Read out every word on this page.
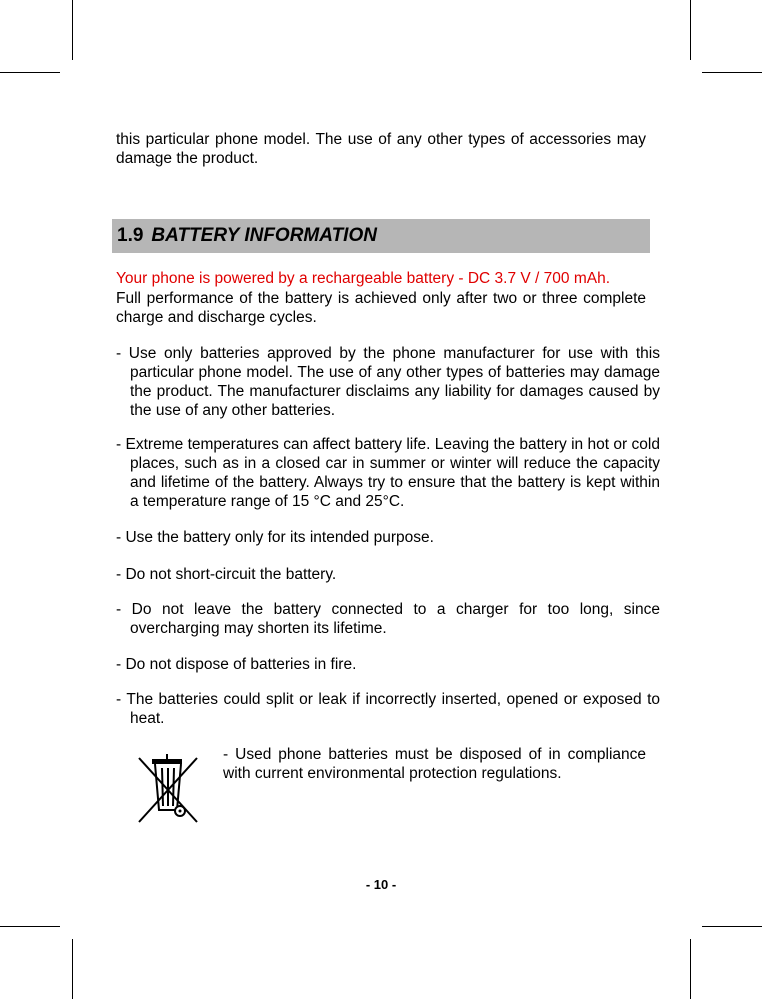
this particular phone model. The use of any other types of accessories may damage the product.

1.9 BATTERY INFORMATION

Your phone is powered by a rechargeable battery - DC 3.7 V / 700 mAh.

Full performance of the battery is achieved only after two or three complete charge and discharge cycles.

- Use only batteries approved by the phone manufacturer for use with this particular phone model. The use of any other types of batteries may damage the product. The manufacturer disclaims any liability for damages caused by the use of any other batteries.

- Extreme temperatures can affect battery life. Leaving the battery in hot or cold places, such as in a closed car in summer or winter will reduce the capacity and lifetime of the battery. Always try to ensure that the battery is kept within a temperature range of 15 °C and 25°C.

- Use the battery only for its intended purpose.

- Do not short-circuit the battery.

- Do not leave the battery connected to a charger for too long, since overcharging may shorten its lifetime.

- Do not dispose of batteries in fire.

- The batteries could split or leak if incorrectly inserted, opened or exposed to heat.

- Used phone batteries must be disposed of in compliance with current environmental protection regulations.

- 10 -
